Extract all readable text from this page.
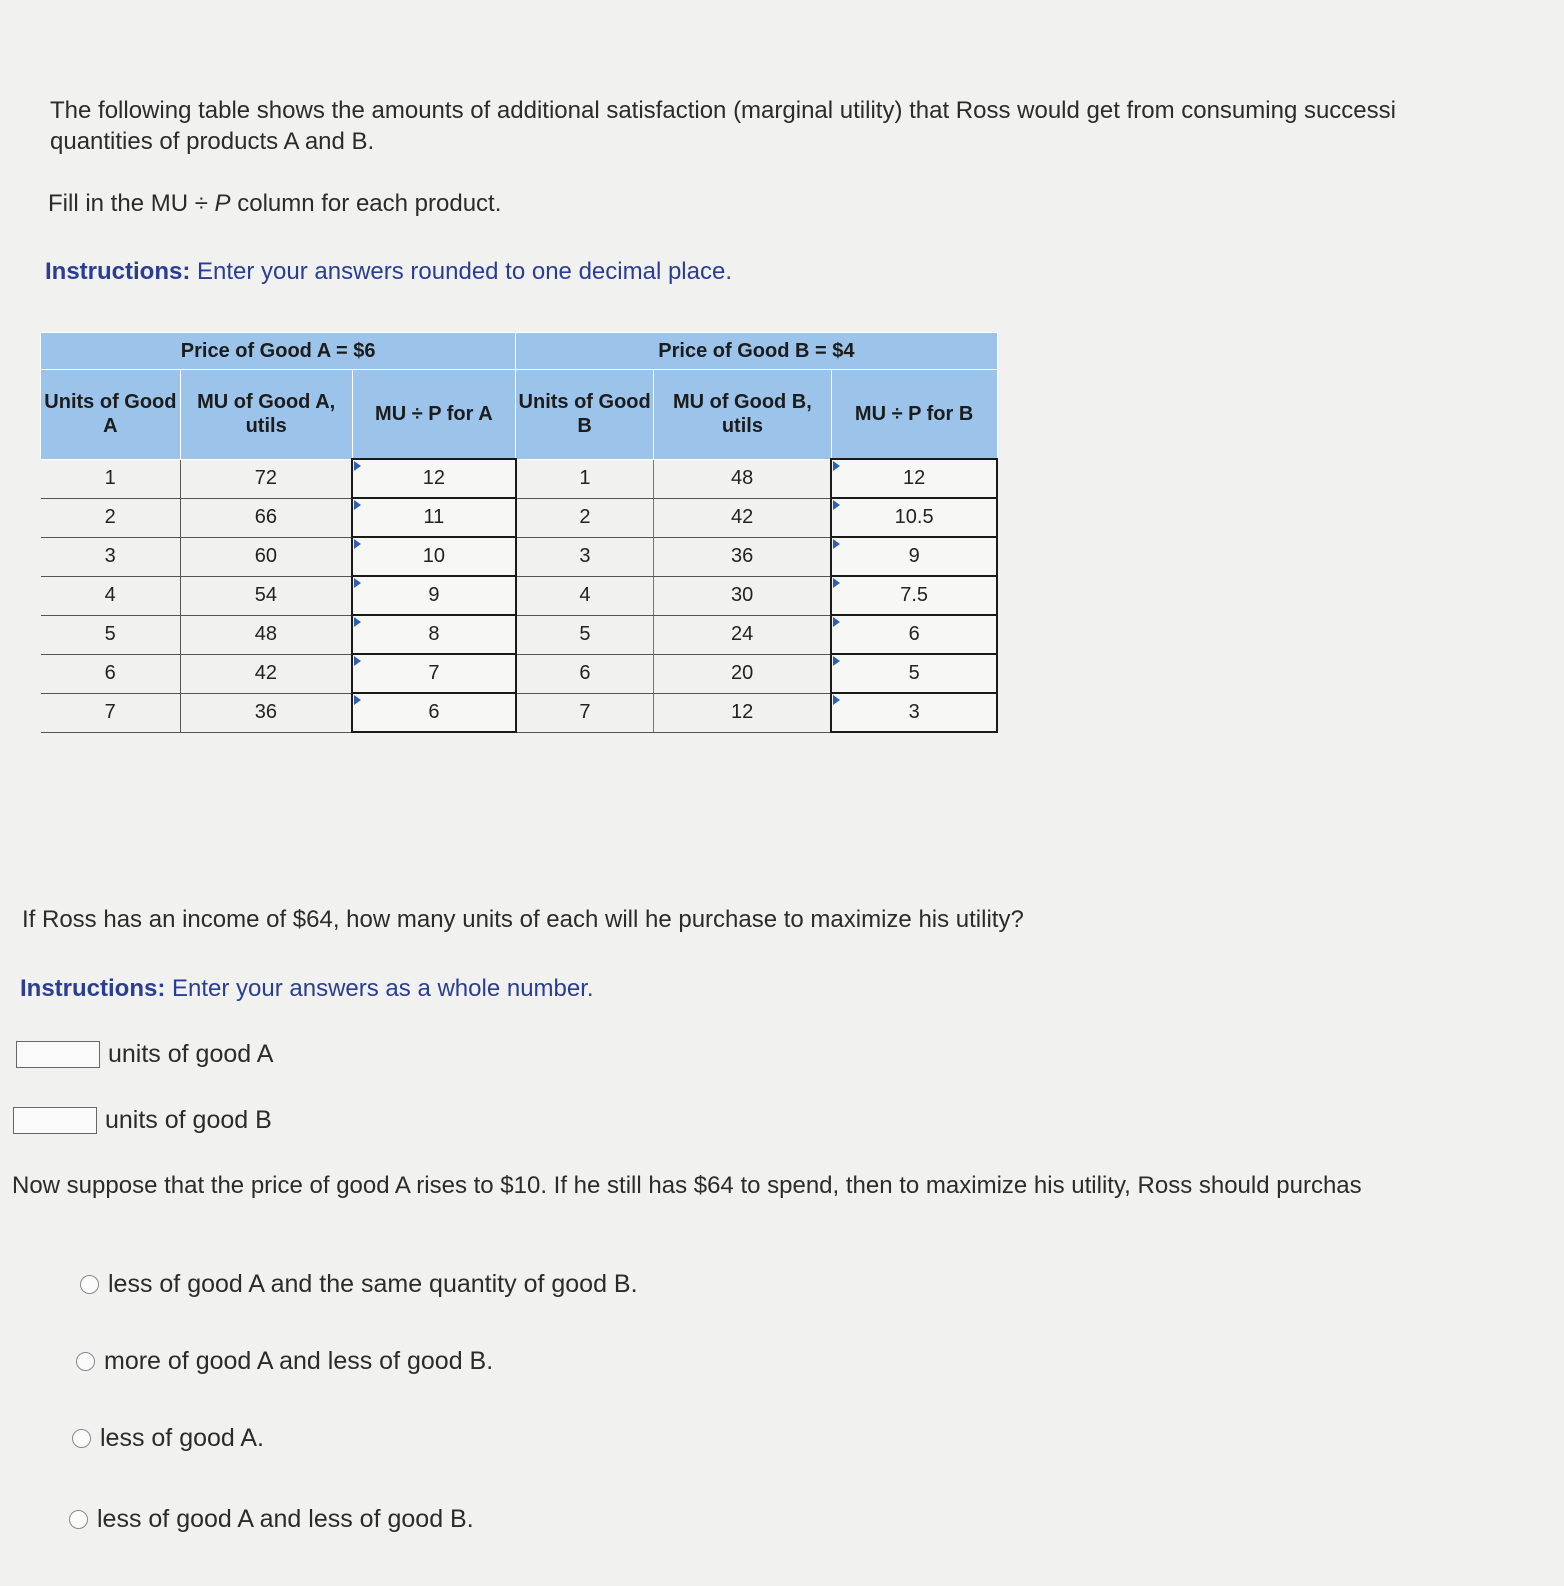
The following table shows the amounts of additional satisfaction (marginal utility) that Ross would get from consuming successi
quantities of products A and B.
Fill in the MU ÷ P column for each product.
Instructions: Enter your answers rounded to one decimal place.
Price of Good A = $6			Price of Good B = $4		
Units of Good A	MU of Good A, utils	MU ÷ P for A	Units of Good B	MU of Good B, utils	MU ÷ P for B
1	72	12	1	48	12
2	66	11	2	42	10.5
3	60	10	3	36	9
4	54	9	4	30	7.5
5	48	8	5	24	6
6	42	7	6	20	5
7	36	6	7	12	3
If Ross has an income of $64, how many units of each will he purchase to maximize his utility?
Instructions: Enter your answers as a whole number.
units of good A
units of good B
Now suppose that the price of good A rises to $10. If he still has $64 to spend, then to maximize his utility, Ross should purchas
less of good A and the same quantity of good B.
more of good A and less of good B.
less of good A.
less of good A and less of good B.
